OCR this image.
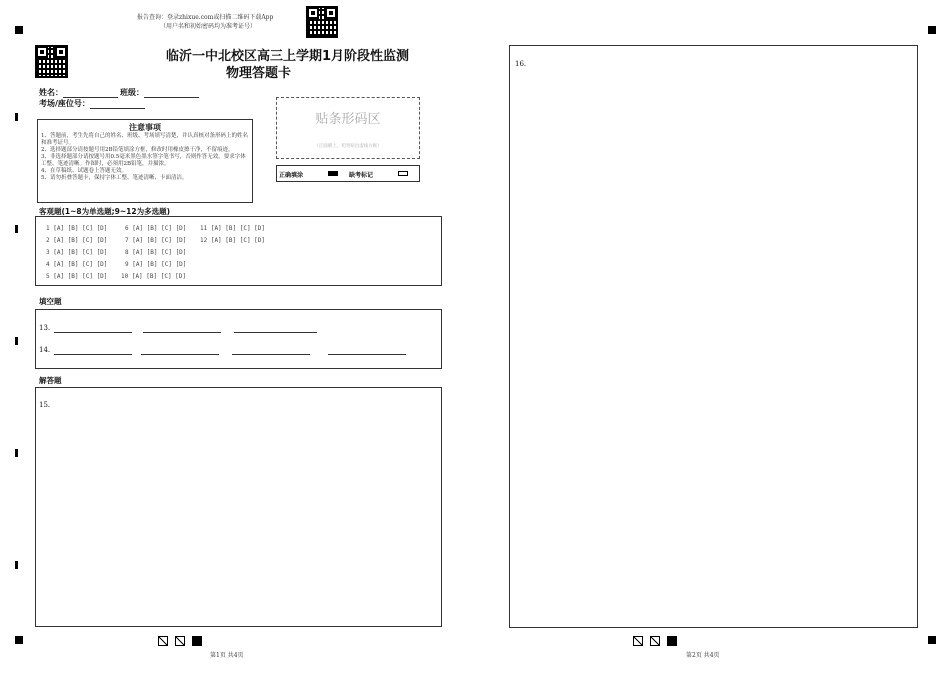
报告查询：登录zhixue.com或扫描二维码下载App
（用户名和初始密码均为准考证号）
临沂一中北校区高三上学期1月阶段性监测
物理答题卡
姓名：	班级：
考场/座位号：
注意事项
1、答题前，考生先将自己的姓名、班级、考场填写清楚，并认真核对条形码上的姓名和准考证号。
2、选择题部分请按题号用2B铅笔填涂方框，修改时用橡皮擦干净，不留痕迹。
3、非选择题部分请按题号用0.5毫米黑色墨水签字笔书写，否则作答无效。要求字体工整、笔迹清晰。作图时，必须用2B铅笔，并描浓。
4、在草稿纸、试题卷上答题无效。
5、请勿折叠答题卡，保持字体工整、笔迹清晰、卡面清洁。
贴条形码区
（正面朝上，切勿贴出虚线方框）
正确填涂	缺考标记
客观题(1~8为单选题;9~12为多选题)
1 [A] [B] [C] [D]
2 [A] [B] [C] [D]
3 [A] [B] [C] [D]
4 [A] [B] [C] [D]
5 [A] [B] [C] [D]
6 [A] [B] [C] [D]
7 [A] [B] [C] [D]
8 [A] [B] [C] [D]
9 [A] [B] [C] [D]
10 [A] [B] [C] [D]
11 [A] [B] [C] [D]
12 [A] [B] [C] [D]
填空题
13.
14.
解答题
15.
16.
第1页 共4页	第2页 共4页
